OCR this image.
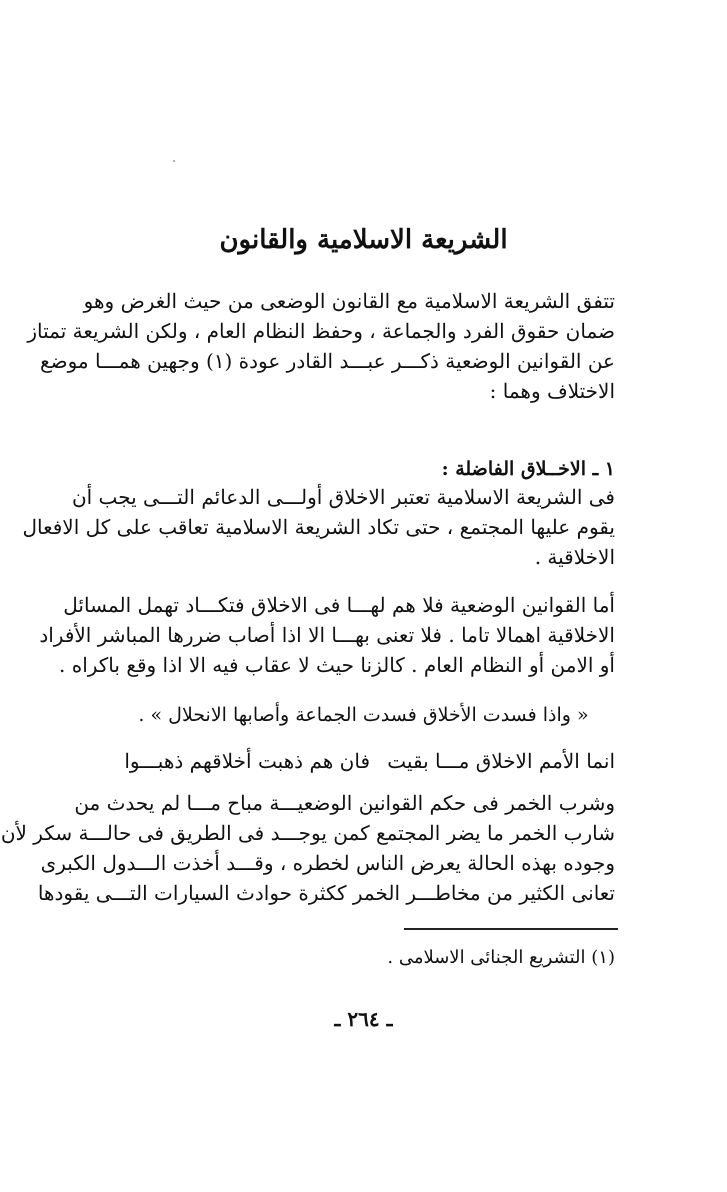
الشريعة الاسلامية والقانون
تتفق الشريعة الاسلامية مع القانون الوضعى من حيث الغرض وهو
ضمان حقوق الفرد والجماعة ، وحفظ النظام العام ، ولكن الشريعة تمتاز
عن القوانين الوضعية ذكـــر عبـــد القادر عودة (١) وجهين همـــا موضع
الاختلاف وهما :
١ ـ الاخــلاق الفاضلة :
فى الشريعة الاسلامية تعتبر الاخلاق أولـــى الدعائم التـــى يجب أن
يقوم عليها المجتمع ، حتى تكاد الشريعة الاسلامية تعاقب على كل الافعال
الاخلاقية .
أما القوانين الوضعية فلا هم لهـــا فى الاخلاق فتكـــاد تهمل المسائل
الاخلاقية اهمالا تاما . فلا تعنى بهـــا الا اذا أصاب ضررها المباشر الأفراد
أو الامن أو النظام العام . كالزنا حيث لا عقاب فيه الا اذا وقع باكراه .
« واذا فسدت الأخلاق فسدت الجماعة وأصابها الانحلال » .
انما الأمم الاخلاق مـــا بقيت
فان هم ذهبت أخلاقهم ذهبـــوا
وشرب الخمر فى حكم القوانين الوضعيـــة مباح مـــا لم يحدث من
شارب الخمر ما يضر المجتمع كمن يوجـــد فى الطريق فى حالـــة سكر لأن
وجوده بهذه الحالة يعرض الناس لخطره ، وقـــد أخذت الـــدول الكبرى
تعانى الكثير من مخاطـــر الخمر ككثرة حوادث السيارات التـــى يقودها
(١) التشريع الجنائى الاسلامى .
ـ ٢٦٤ ـ
